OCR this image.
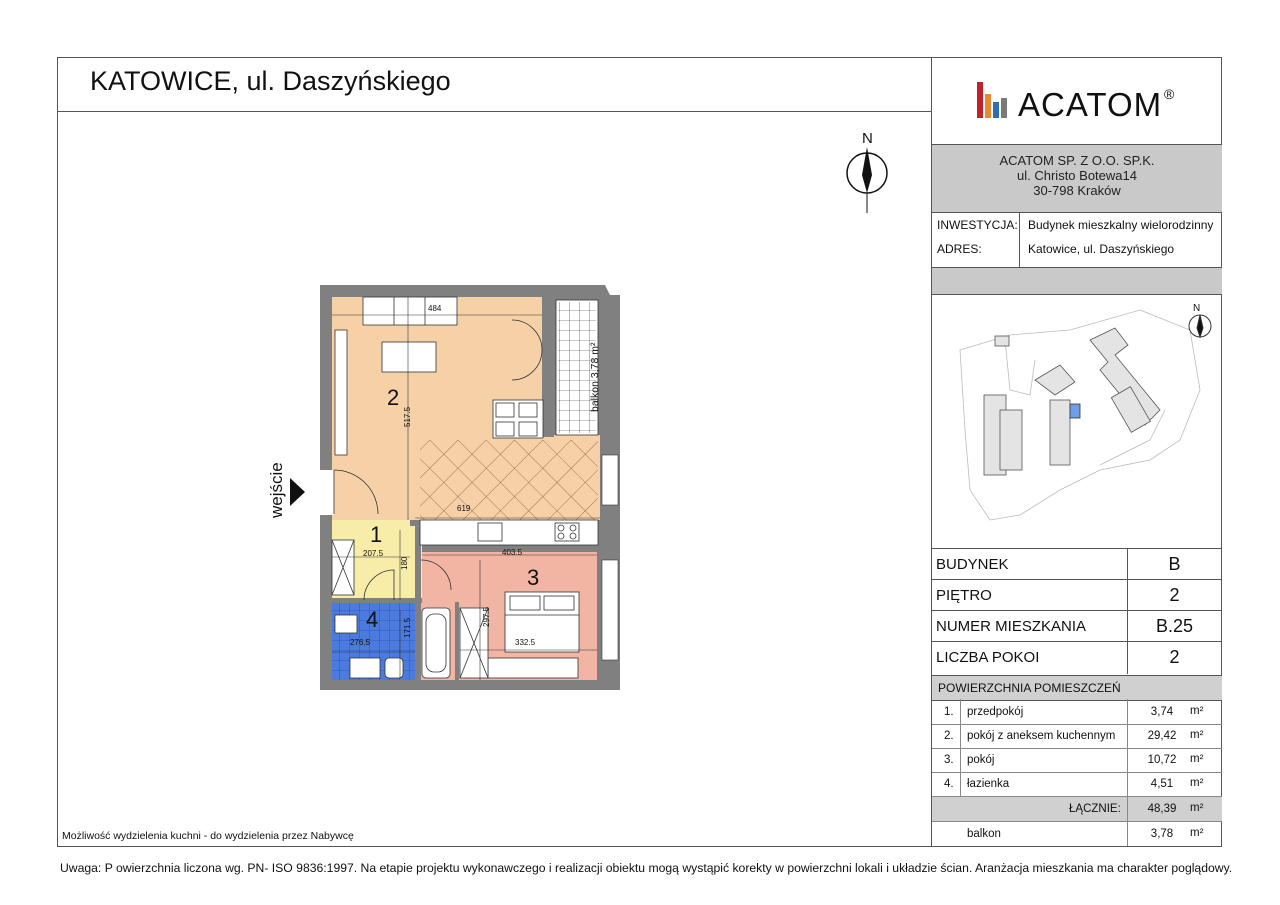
KATOWICE, ul. Daszyńskiego
ACATOM ®
ACATOM SP. Z O.O. SP.K.
ul. Christo Botewa14
30-798 Kraków
INWESTYCJA: Budynek mieszkalny wielorodzinny
ADRES:	Katowice, ul. Daszyńskiego
N
N
wejście
balkon 3,78 m²
1
2
3
4
484
517.5
619
207.5
180
403.5
297.5
332.5
276.5
171.5
BUDYNEK	B
PIĘTRO	2
NUMER MIESZKANIA	B.25
LICZBA POKOI	2
POWIERZCHNIA POMIESZCZEŃ
1. przedpokój	3,74	m²
2. pokój z aneksem kuchennym	29,42	m²
3. pokój	10,72	m²
4. łazienka	4,51	m²
ŁĄCZNIE:	48,39	m²
balkon	3,78	m²
Możliwość wydzielenia kuchni - do wydzielenia przez Nabywcę
Uwaga: P owierzchnia liczona wg. PN- ISO 9836:1997. Na etapie projektu wykonawczego i realizacji obiektu mogą wystąpić korekty w powierzchni lokali i układzie ścian. Aranżacja mieszkania ma charakter poglądowy.
